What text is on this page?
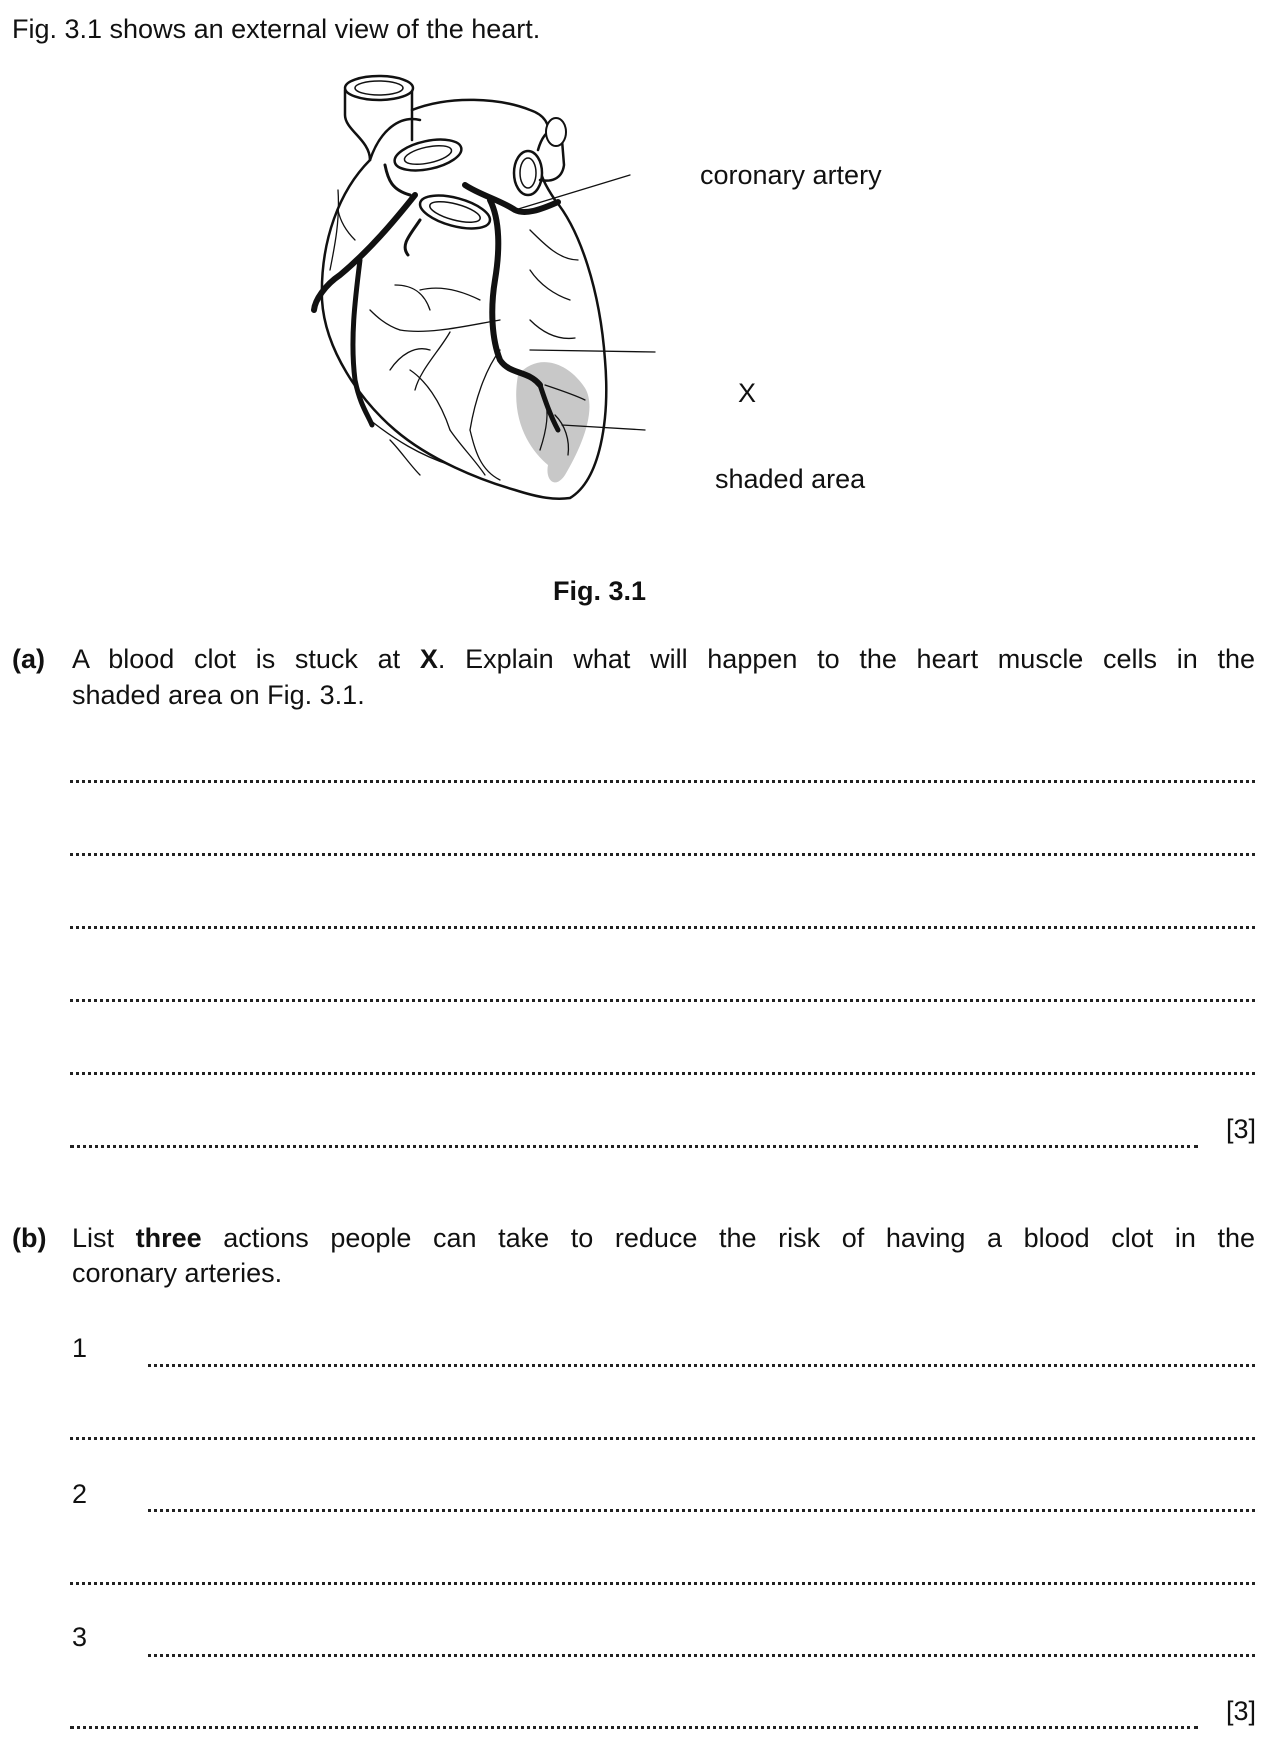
Fig. 3.1 shows an external view of the heart.
coronary artery
X
shaded area
Fig. 3.1
(a) A blood clot is stuck at X. Explain what will happen to the heart muscle cells in the
shaded area on Fig. 3.1.
[3]
(b) List three actions people can take to reduce the risk of having a blood clot in the
coronary arteries.
1
2
3
[3]
